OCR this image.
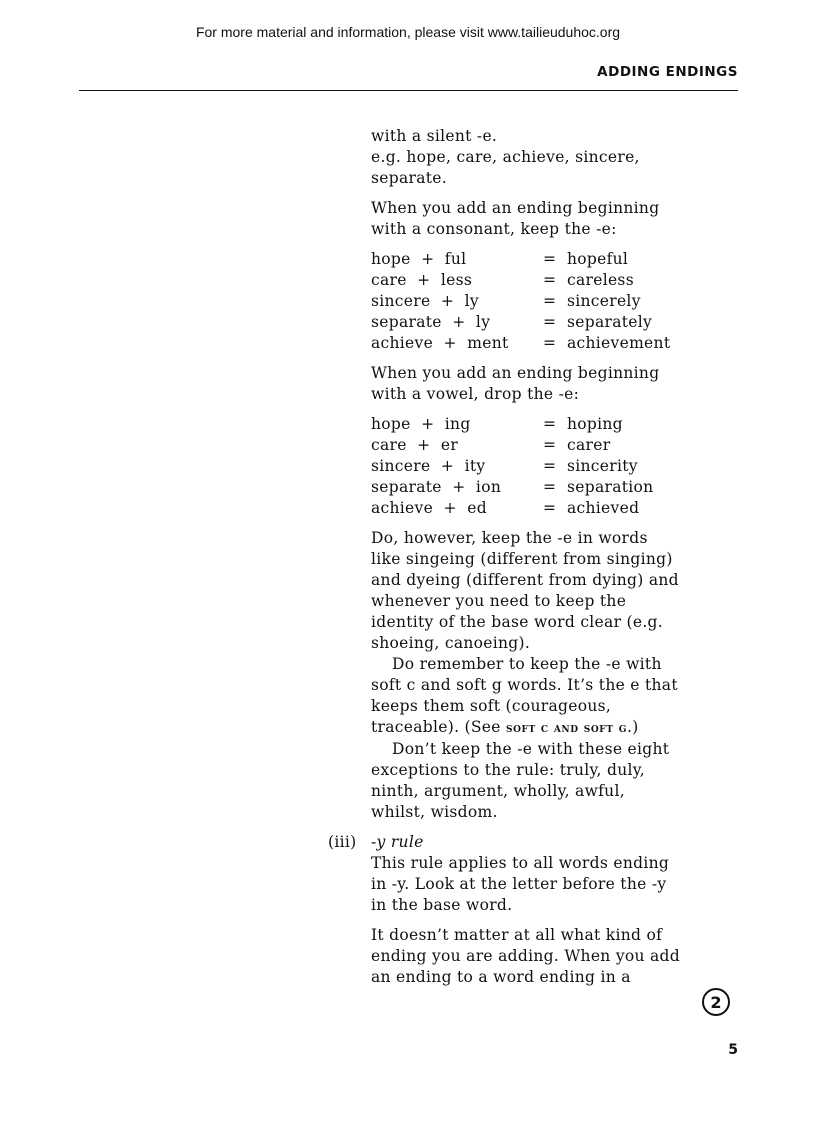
For more material and information, please visit www.tailieuduhoc.org
ADDING ENDINGS

with a silent -e.
e.g. hope, care, achieve, sincere,
separate.

When you add an ending beginning
with a consonant, keep the -e:

hope  +  ful	=	hopeful
care  +  less	=	careless
sincere  +  ly	=	sincerely
separate  +  ly	=	separately
achieve  +  ment	=	achievement

When you add an ending beginning
with a vowel, drop the -e:

hope  +  ing	=	hoping
care  +  er	=	carer
sincere  +  ity	=	sincerity
separate  +  ion	=	separation
achieve  +  ed	=	achieved

Do, however, keep the -e in words
like singeing (different from singing)
and dyeing (different from dying) and
whenever you need to keep the
identity of the base word clear (e.g.
shoeing, canoeing).

Do remember to keep the -e with
soft c and soft g words. It’s the e that
keeps them soft (courageous,
traceable). (See soft c and soft g.)

Don’t keep the -e with these eight
exceptions to the rule: truly, duly,
ninth, argument, wholly, awful,
whilst, wisdom.

(iii) -y rule

This rule applies to all words ending
in -y. Look at the letter before the -y
in the base word.

It doesn’t matter at all what kind of
ending you are adding. When you add
an ending to a word ending in a

2
5
